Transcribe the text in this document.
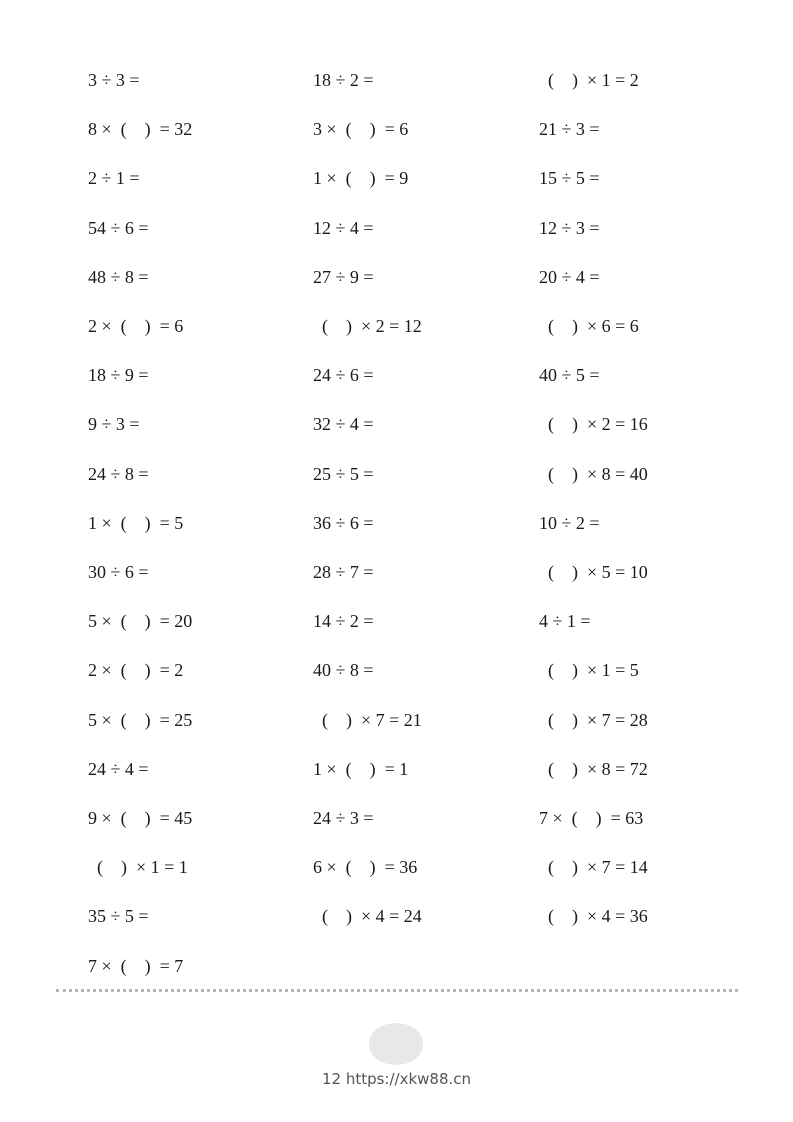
3 ÷ 3 =
8 ×  (    )  = 32
2 ÷ 1 =
54 ÷ 6 =
48 ÷ 8 =
2 ×  (    )  = 6
18 ÷ 9 =
9 ÷ 3 =
24 ÷ 8 =
1 ×  (    )  = 5
30 ÷ 6 =
5 ×  (    )  = 20
2 ×  (    )  = 2
5 ×  (    )  = 25
24 ÷ 4 =
9 ×  (    )  = 45
(    )  × 1 = 1
35 ÷ 5 =
7 ×  (    )  = 7
18 ÷ 2 =
3 ×  (    )  = 6
1 ×  (    )  = 9
12 ÷ 4 =
27 ÷ 9 =
(    )  × 2 = 12
24 ÷ 6 =
32 ÷ 4 =
25 ÷ 5 =
36 ÷ 6 =
28 ÷ 7 =
14 ÷ 2 =
40 ÷ 8 =
(    )  × 7 = 21
1 ×  (    )  = 1
24 ÷ 3 =
6 ×  (    )  = 36
(    )  × 4 = 24
(    )  × 1 = 2
21 ÷ 3 =
15 ÷ 5 =
12 ÷ 3 =
20 ÷ 4 =
(    )  × 6 = 6
40 ÷ 5 =
(    )  × 2 = 16
(    )  × 8 = 40
10 ÷ 2 =
(    )  × 5 = 10
4 ÷ 1 =
(    )  × 1 = 5
(    )  × 7 = 28
(    )  × 8 = 72
7 ×  (    )  = 63
(    )  × 7 = 14
(    )  × 4 = 36
12 https://xkw88.cn
